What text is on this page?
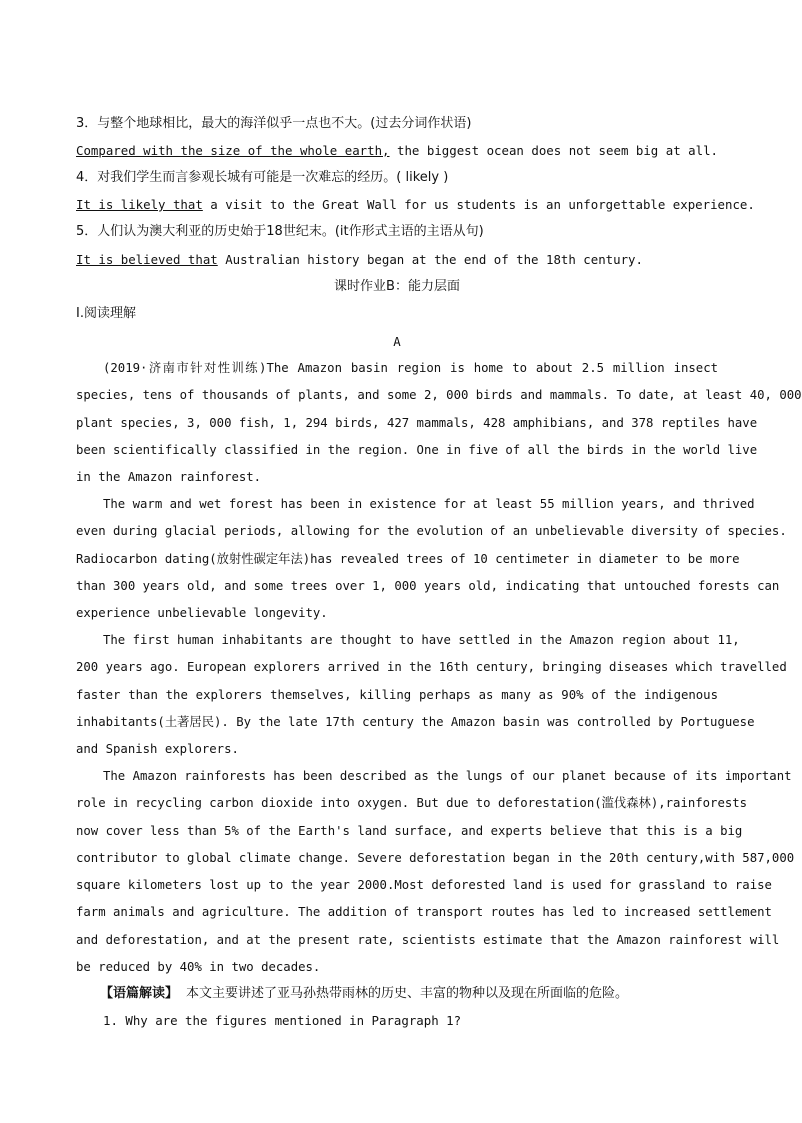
3．与整个地球相比，最大的海洋似乎一点也不大。(过去分词作状语)
Compared with the size of the whole earth, the biggest ocean does not seem big at all.
4．对我们学生而言参观长城有可能是一次难忘的经历。( likely )
It is likely that a visit to the Great Wall for us students is an unforgettable experience.
5．人们认为澳大利亚的历史始于18世纪末。(it作形式主语的主语从句)
It is believed that Australian history began at the end of the 18th century.
课时作业B：能力层面
Ⅰ.阅读理解
A
(2019·济南市针对性训练)The Amazon basin region is home to about 2.5 million insect
species, tens of thousands of plants, and some 2, 000 birds and mammals. To date, at least 40, 000
plant species, 3, 000 fish, 1, 294 birds, 427 mammals, 428 amphibians, and 378 reptiles have
been scientifically classified in the region. One in five of all the birds in the world live
in the Amazon rainforest.
The warm and wet forest has been in existence for at least 55 million years, and thrived
even during glacial periods, allowing for the evolution of an unbelievable diversity of species.
Radiocarbon dating(放射性碳定年法)has revealed trees of 10 centimeter in diameter to be more
than 300 years old, and some trees over 1, 000 years old, indicating that untouched forests can
experience unbelievable longevity.
The first human inhabitants are thought to have settled in the Amazon region about 11,
200 years ago. European explorers arrived in the 16th century, bringing diseases which travelled
faster than the explorers themselves, killing perhaps as many as 90% of the indigenous
inhabitants(土著居民). By the late 17th century the Amazon basin was controlled by Portuguese
and Spanish explorers.
The Amazon rainforests has been described as the lungs of our planet because of its important
role in recycling carbon dioxide into oxygen. But due to deforestation(滥伐森林),rainforests
now cover less than 5% of the Earth's land surface, and experts believe that this is a big
contributor to global climate change. Severe deforestation began in the 20th century,with 587,000
square kilometers lost up to the year 2000.Most deforested land is used for grassland to raise
farm animals and agriculture. The addition of transport routes has led to increased settlement
and deforestation, and at the present rate, scientists estimate that the Amazon rainforest will
be reduced by 40% in two decades.
【语篇解读】 本文主要讲述了亚马孙热带雨林的历史、丰富的物种以及现在所面临的危险。
1. Why are the figures mentioned in Paragraph 1?
